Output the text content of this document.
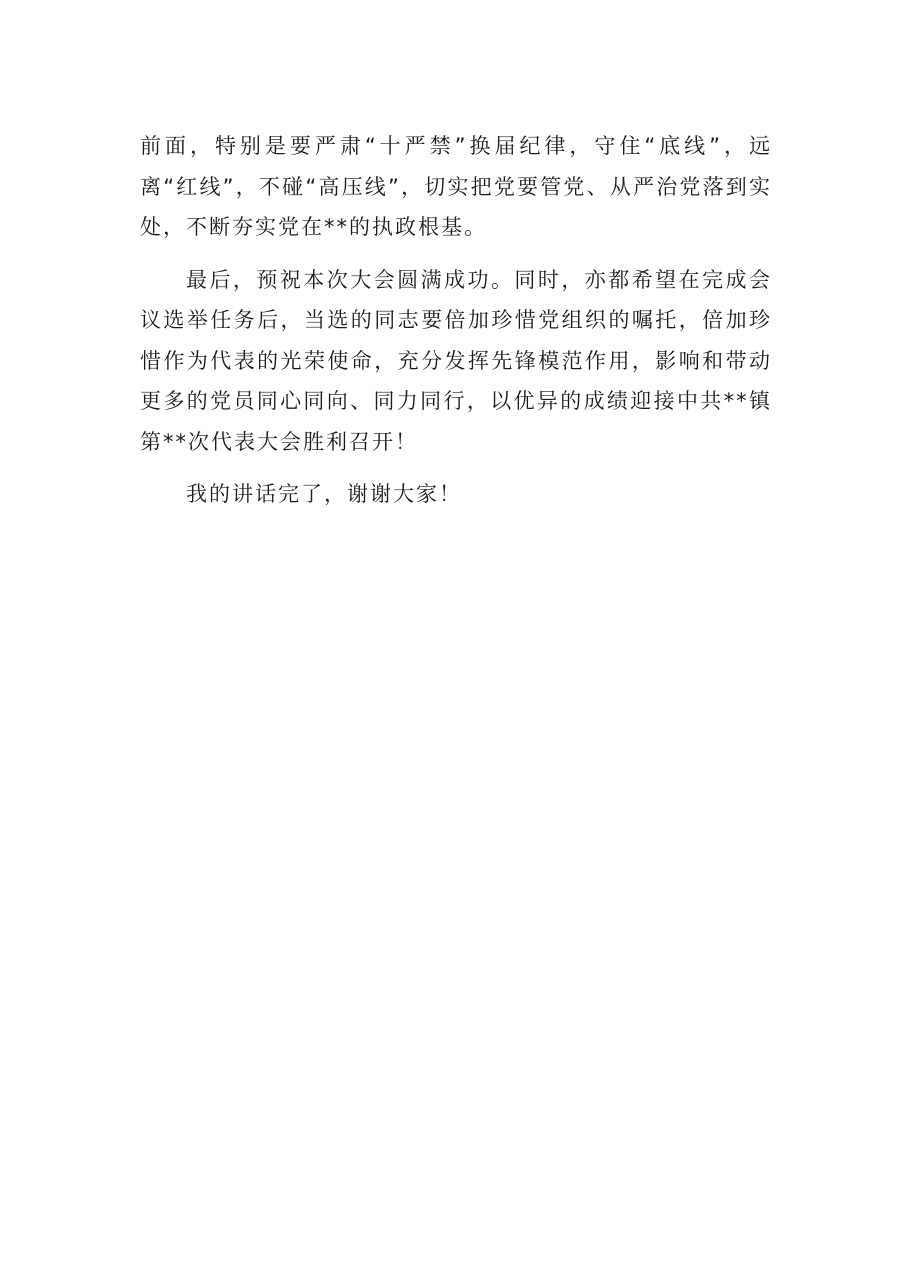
前面，特别是要严肃“十严禁”换届纪律，守住“底线”，远离“红线”，不碰“高压线”，切实把党要管党、从严治党落到实处，不断夯实党在**的执政根基。

最后，预祝本次大会圆满成功。同时，亦都希望在完成会议选举任务后，当选的同志要倍加珍惜党组织的嘱托，倍加珍惜作为代表的光荣使命，充分发挥先锋模范作用，影响和带动更多的党员同心同向、同力同行，以优异的成绩迎接中共**镇第**次代表大会胜利召开！

我的讲话完了，谢谢大家！
